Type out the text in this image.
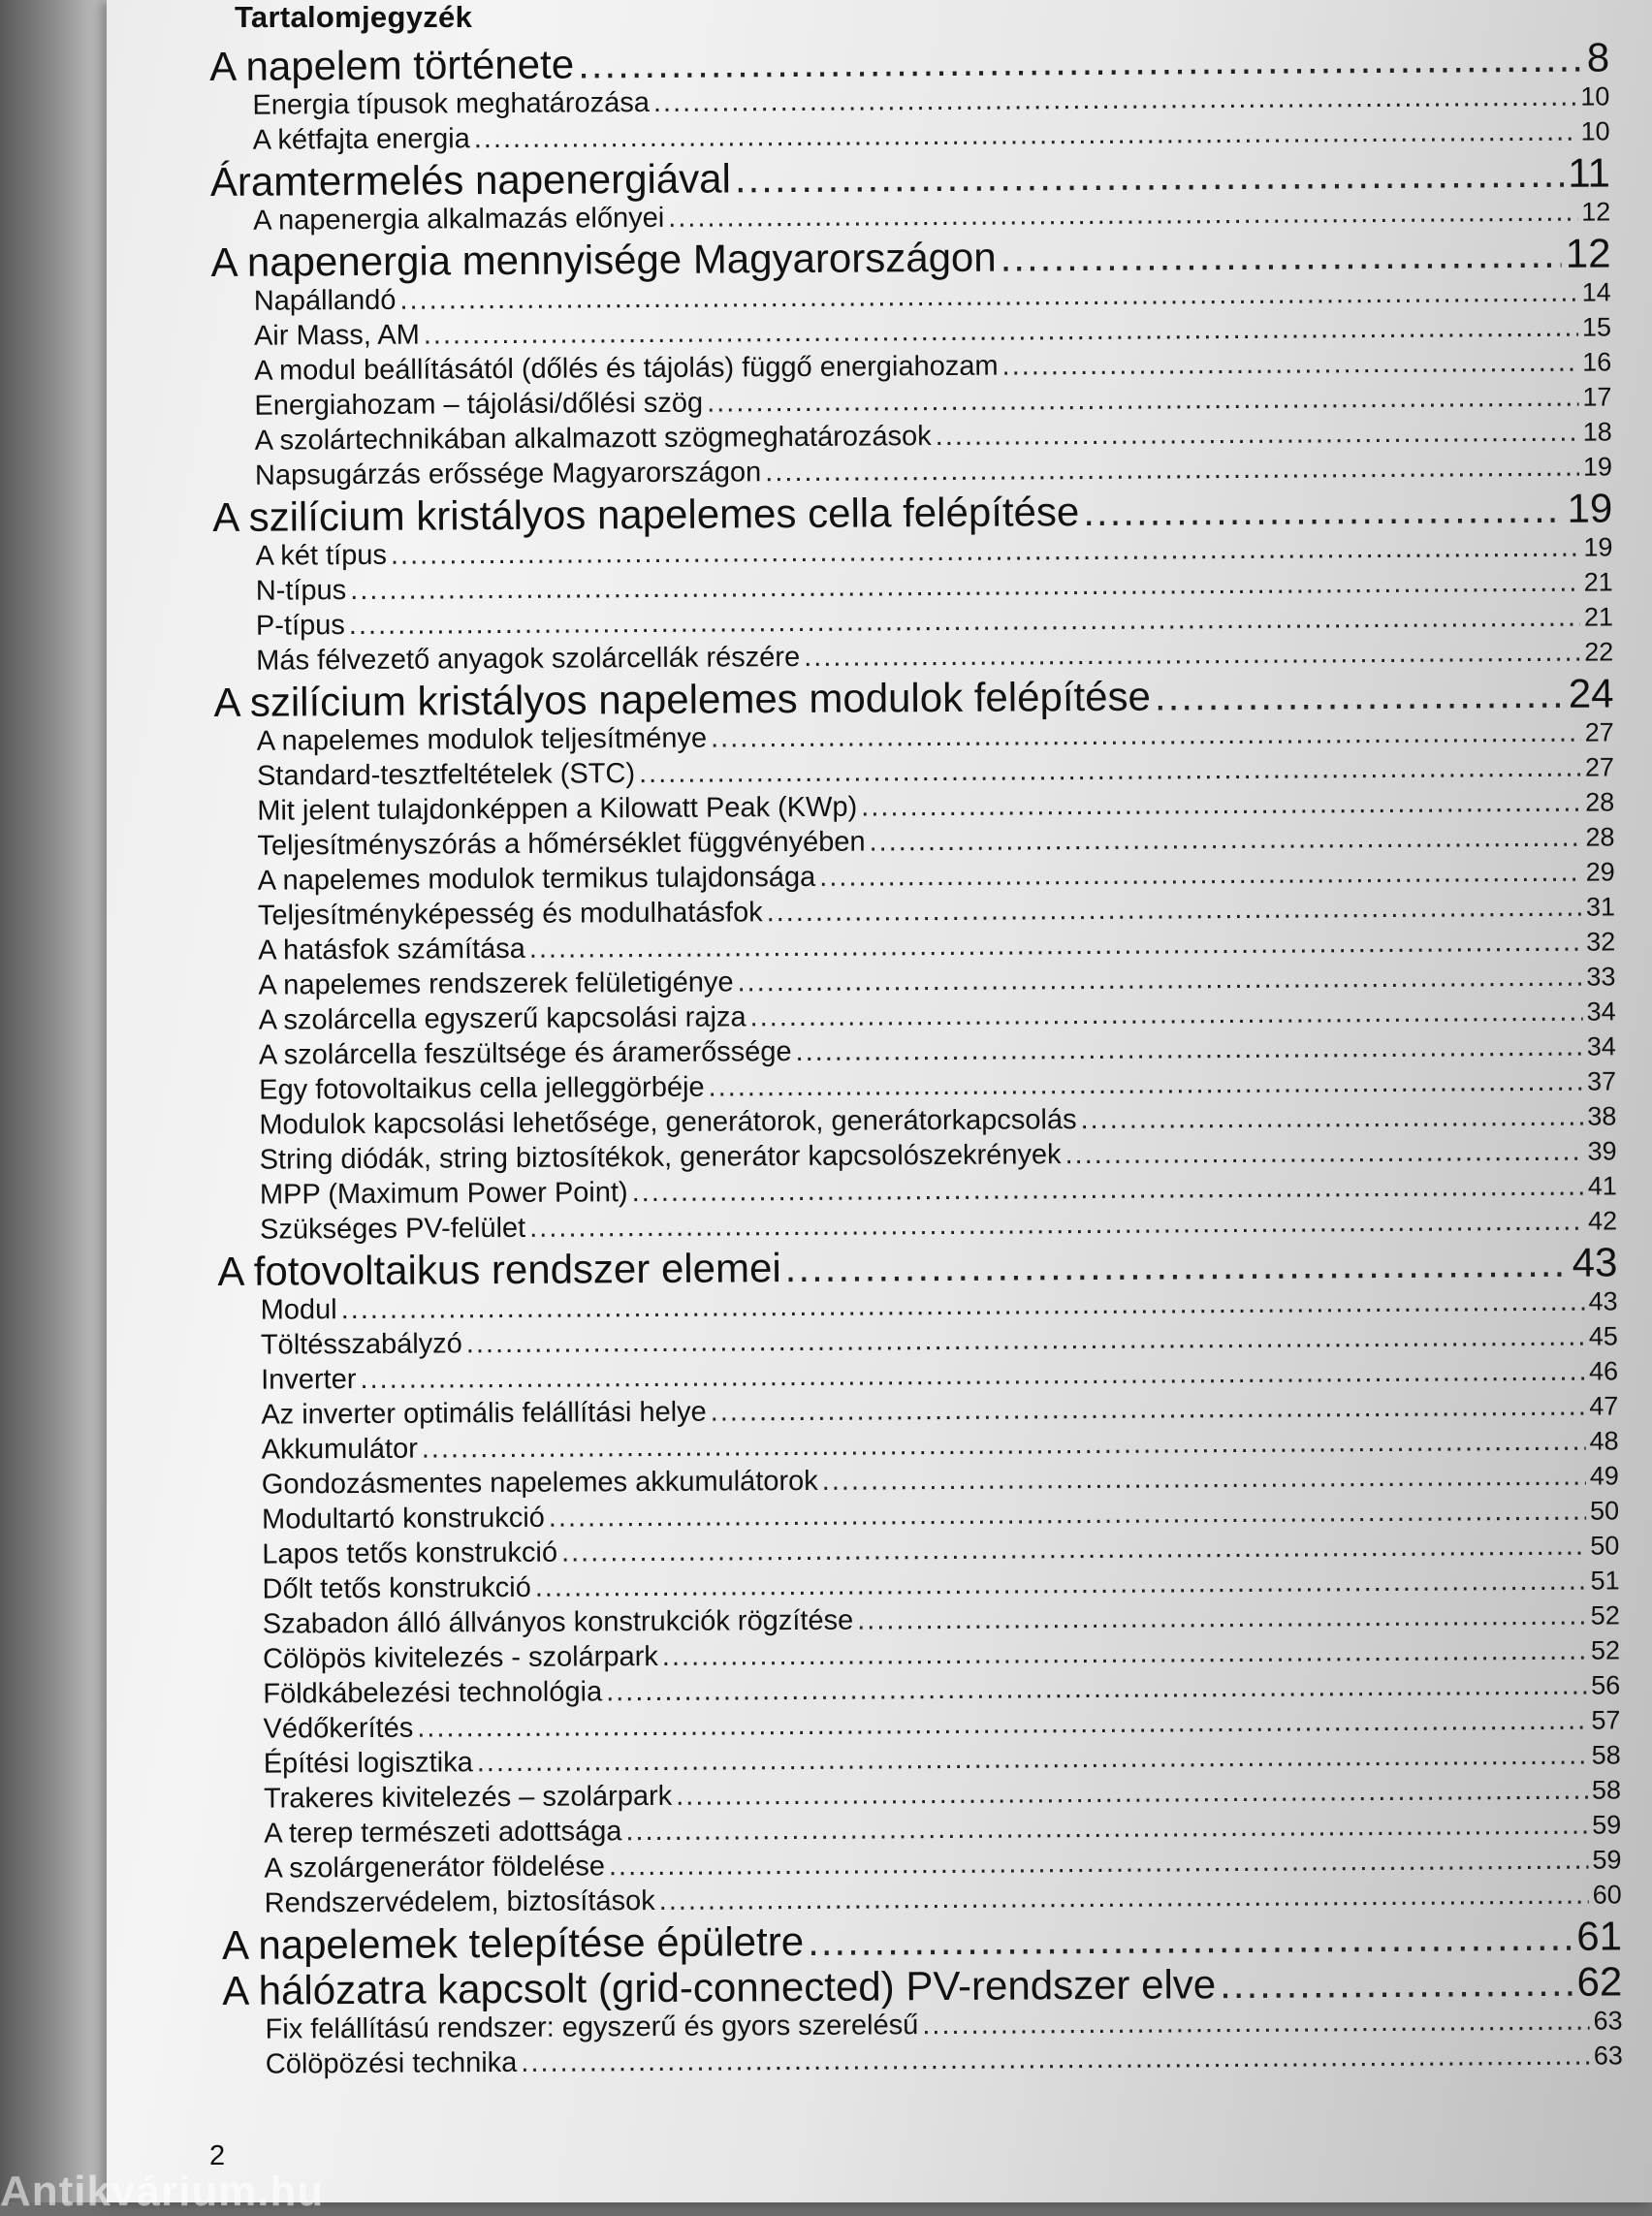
Tartalomjegyzék
A napelem története .....	8
Energia típusok meghatározása .....	10
A kétfajta energia .....	10
Áramtermelés napenergiával .....	11
A napenergia alkalmazás előnyei .....	12
A napenergia mennyisége Magyarországon .....	12
Napállandó .....	14
Air Mass, AM .....	15
A modul beállításától (dőlés és tájolás) függő energiahozam .....	16
Energiahozam – tájolási/dőlési szög .....	17
A szolártechnikában alkalmazott szögmeghatározások .....	18
Napsugárzás erőssége Magyarországon .....	19
A szilícium kristályos napelemes cella felépítése .....	19
A két típus .....	19
N-típus .....	21
P-típus .....	21
Más félvezető anyagok szolárcellák részére .....	22
A szilícium kristályos napelemes modulok felépítése .....	24
A napelemes modulok teljesítménye .....	27
Standard-tesztfeltételek (STC) .....	27
Mit jelent tulajdonképpen a Kilowatt Peak (KWp) .....	28
Teljesítményszórás a hőmérséklet függvényében .....	28
A napelemes modulok termikus tulajdonsága .....	29
Teljesítményképesség és modulhatásfok .....	31
A hatásfok számítása .....	32
A napelemes rendszerek felületigénye .....	33
A szolárcella egyszerű kapcsolási rajza .....	34
A szolárcella feszültsége és áramerőssége .....	34
Egy fotovoltaikus cella jelleggörbéje .....	37
Modulok kapcsolási lehetősége, generátorok, generátorkapcsolás .....	38
String diódák, string biztosítékok, generátor kapcsolószekrények .....	39
MPP (Maximum Power Point) .....	41
Szükséges PV-felület .....	42
A fotovoltaikus rendszer elemei .....	43
Modul .....	43
Töltésszabályzó .....	45
Inverter .....	46
Az inverter optimális felállítási helye .....	47
Akkumulátor .....	48
Gondozásmentes napelemes akkumulátorok .....	49
Modultartó konstrukció .....	50
Lapos tetős konstrukció .....	50
Dőlt tetős konstrukció .....	51
Szabadon álló állványos konstrukciók rögzítése .....	52
Cölöpös kivitelezés - szolárpark .....	52
Földkábelezési technológia .....	56
Védőkerítés .....	57
Építési logisztika .....	58
Trakeres kivitelezés – szolárpark .....	58
A terep természeti adottsága .....	59
A szolárgenerátor földelése .....	59
Rendszervédelem, biztosítások .....	60
A napelemek telepítése épületre .....	61
A hálózatra kapcsolt (grid-connected) PV-rendszer elve .....	62
Fix felállítású rendszer: egyszerű és gyors szerelésű .....	63
Cölöpözési technika .....	63
2
Antikvárium.hu
